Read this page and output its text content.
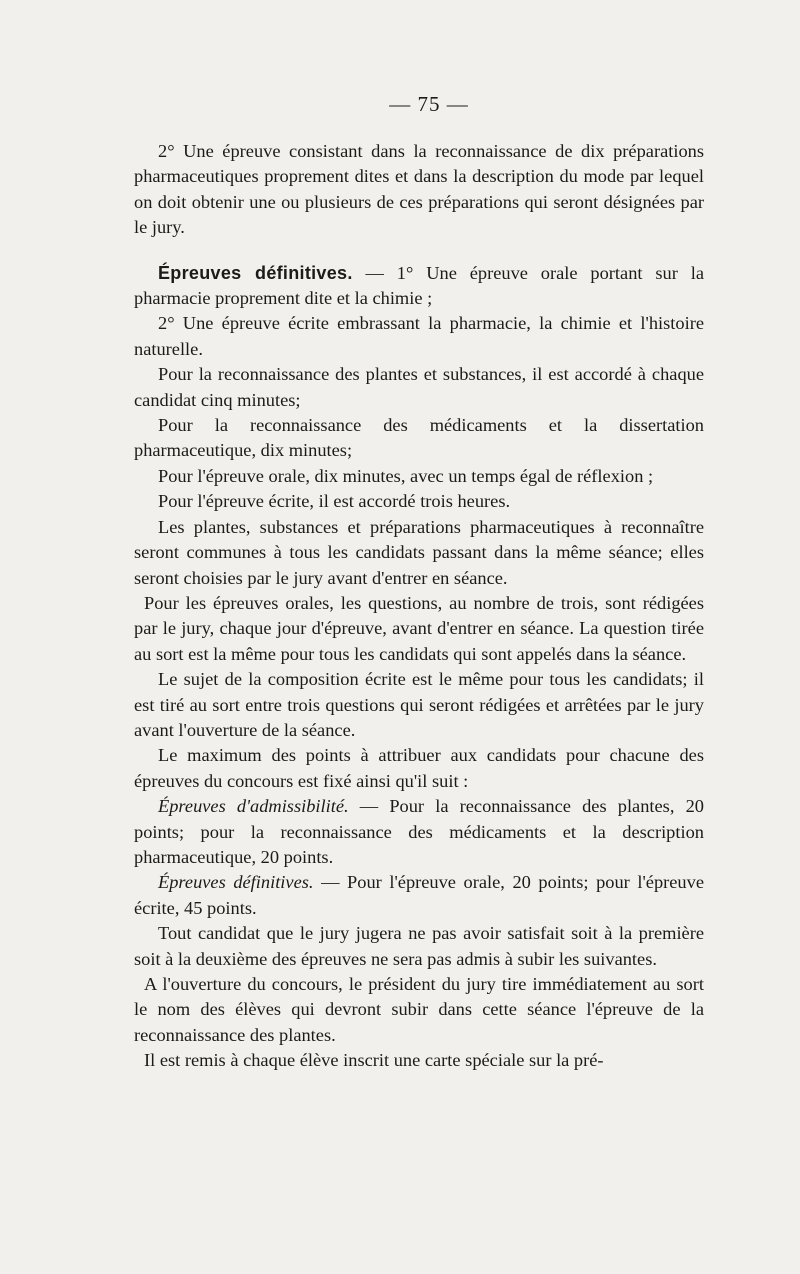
— 75 —

2° Une épreuve consistant dans la reconnaissance de dix préparations pharmaceutiques proprement dites et dans la description du mode par lequel on doit obtenir une ou plusieurs de ces préparations qui seront désignées par le jury.

Épreuves définitives. — 1° Une épreuve orale portant sur la pharmacie proprement dite et la chimie ;

2° Une épreuve écrite embrassant la pharmacie, la chimie et l'histoire naturelle.

Pour la reconnaissance des plantes et substances, il est accordé à chaque candidat cinq minutes;

Pour la reconnaissance des médicaments et la dissertation pharmaceutique, dix minutes;

Pour l'épreuve orale, dix minutes, avec un temps égal de réflexion ;

Pour l'épreuve écrite, il est accordé trois heures.

Les plantes, substances et préparations pharmaceutiques à reconnaître seront communes à tous les candidats passant dans la même séance; elles seront choisies par le jury avant d'entrer en séance.

Pour les épreuves orales, les questions, au nombre de trois, sont rédigées par le jury, chaque jour d'épreuve, avant d'entrer en séance. La question tirée au sort est la même pour tous les candidats qui sont appelés dans la séance.

Le sujet de la composition écrite est le même pour tous les candidats; il est tiré au sort entre trois questions qui seront rédigées et arrêtées par le jury avant l'ouverture de la séance.

Le maximum des points à attribuer aux candidats pour chacune des épreuves du concours est fixé ainsi qu'il suit :

Épreuves d'admissibilité. — Pour la reconnaissance des plantes, 20 points; pour la reconnaissance des médicaments et la description pharmaceutique, 20 points.

Épreuves définitives. — Pour l'épreuve orale, 20 points; pour l'épreuve écrite, 45 points.

Tout candidat que le jury jugera ne pas avoir satisfait soit à la première soit à la deuxième des épreuves ne sera pas admis à subir les suivantes.

A l'ouverture du concours, le président du jury tire immédiatement au sort le nom des élèves qui devront subir dans cette séance l'épreuve de la reconnaissance des plantes.

Il est remis à chaque élève inscrit une carte spéciale sur la pré-
